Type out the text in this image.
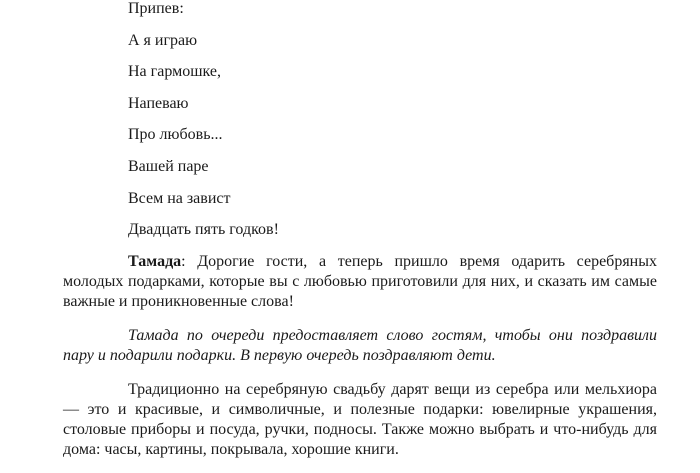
Припев:
А я играю
На гармошке,
Напеваю
Про любовь...
Вашей паре
Всем на завист
Двадцать пять годков!

Тамада: Дорогие гости, а теперь пришло время одарить серебряных молодых подарками, которые вы с любовью приготовили для них, и сказать им самые важные и проникновенные слова!

Тамада по очереди предоставляет слово гостям, чтобы они поздравили пару и подарили подарки. В первую очередь поздравляют дети.

Традиционно на серебряную свадьбу дарят вещи из серебра или мельхиора — это и красивые, и символичные, и полезные подарки: ювелирные украшения, столовые приборы и посуда, ручки, подносы. Также можно выбрать и что-нибудь для дома: часы, картины, покрывала, хорошие книги.
